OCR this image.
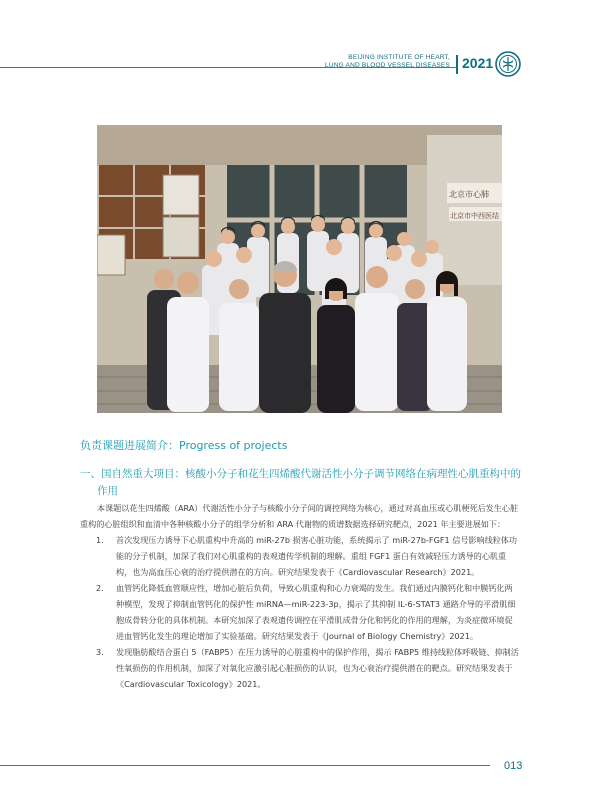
BEIJING INSTITUTE OF HEART,
LUNG AND BLOOD VESSEL DISEASES 2021
北京市心肺
北京市中西医结
负责课题进展简介：Progress of projects
一、国自然重大项目：核酸小分子和花生四烯酸代谢活性小分子调节网络在病理性心肌重构中的
作用

本课题以花生四烯酸（ARA）代谢活性小分子与核酸小分子间的调控网络为核心，通过对高血压或心肌梗死后发生心脏重构的心脏组织和血清中各种核酸小分子的组学分析和 ARA 代谢物的质谱数据选择研究靶点，2021 年主要进展如下：

1. 首次发现压力诱导下心肌重构中升高的 miR-27b 损害心脏功能，系统揭示了 miR-27b-FGF1 信号影响线粒体功能的分子机制，加深了我们对心肌重构的表观遗传学机制的理解。重组 FGF1 蛋白有效减轻压力诱导的心肌重构，也为高血压心衰的治疗提供潜在的方向。研究结果发表于《Cardiovascular Research》2021。

2. 血管钙化降低血管顺应性，增加心脏后负荷，导致心肌重构和心力衰竭的发生。我们通过内膜钙化和中膜钙化两种模型，发现了抑制血管钙化的保护性 miRNA—miR-223-3p，揭示了其抑制 IL-6-STAT3 通路介导的平滑肌细胞成骨转分化的具体机制。本研究加深了表观遗传调控在平滑肌成骨分化和钙化的作用的理解，为炎症微环境促进血管钙化发生的理论增加了实验基础。研究结果发表于《Journal of Biology Chemistry》2021。

3. 发现脂肪酸结合蛋白 5（FABP5）在压力诱导的心脏重构中的保护作用，揭示 FABP5 维持线粒体呼吸链、抑制活性氧损伤的作用机制，加深了对氧化应激引起心脏损伤的认识，也为心衰治疗提供潜在的靶点。研究结果发表于《Cardiovascular Toxicology》2021。

013
